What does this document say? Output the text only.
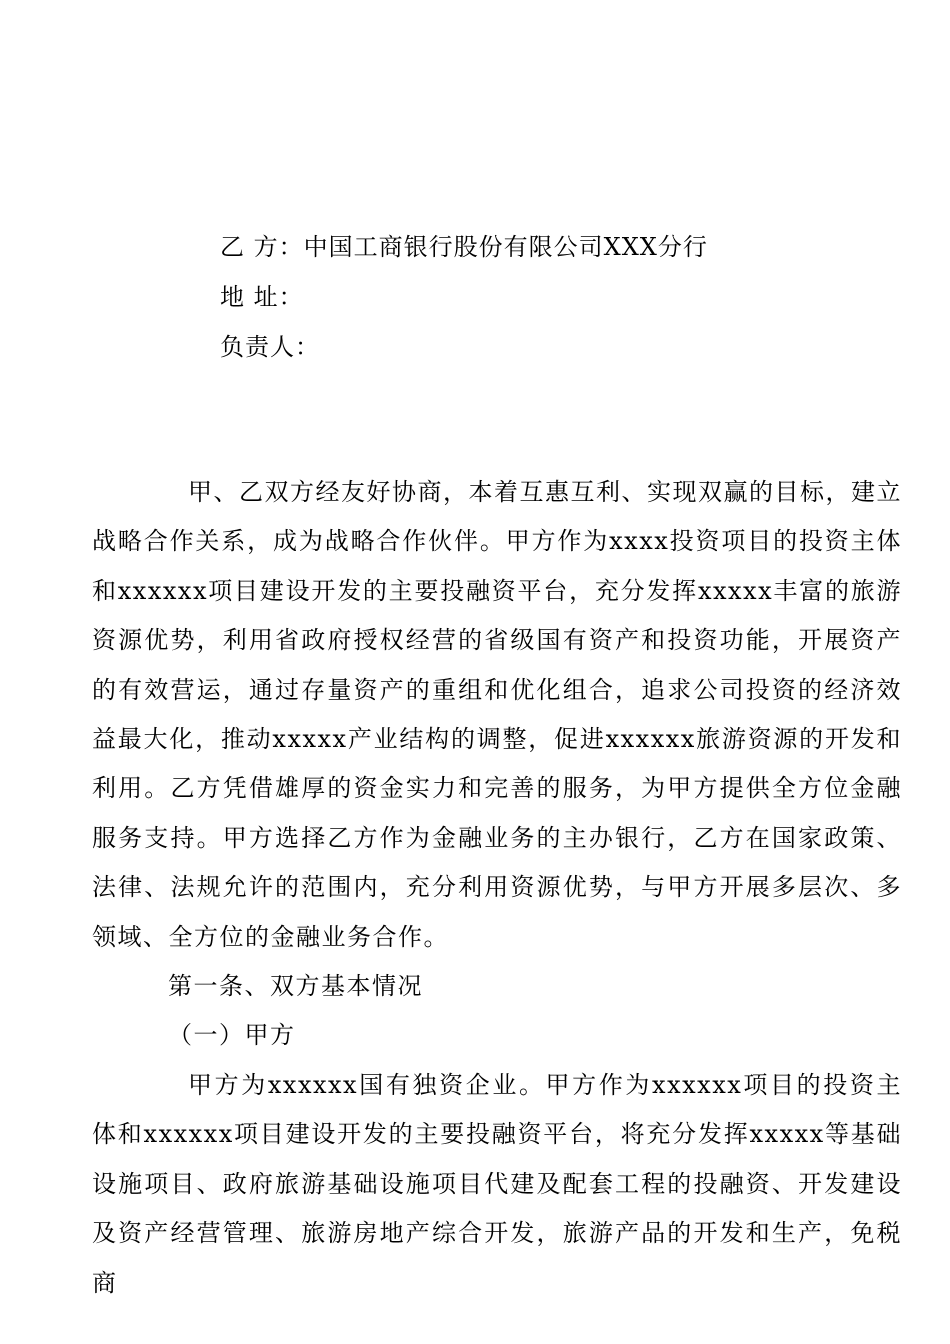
乙 方：中国工商银行股份有限公司XXX分行
地 址：
负责人：

甲、乙双方经友好协商，本着互惠互利、实现双赢的目标，建立战略合作关系，成为战略合作伙伴。甲方作为xxxx投资项目的投资主体和xxxxxx项目建设开发的主要投融资平台，充分发挥xxxxx丰富的旅游资源优势，利用省政府授权经营的省级国有资产和投资功能，开展资产的有效营运，通过存量资产的重组和优化组合，追求公司投资的经济效益最大化，推动xxxxx产业结构的调整，促进xxxxxx旅游资源的开发和利用。乙方凭借雄厚的资金实力和完善的服务，为甲方提供全方位金融服务支持。甲方选择乙方作为金融业务的主办银行，乙方在国家政策、法律、法规允许的范围内，充分利用资源优势，与甲方开展多层次、多领域、全方位的金融业务合作。

第一条、双方基本情况

（一）甲方

甲方为xxxxxx国有独资企业。甲方作为xxxxxx项目的投资主体和xxxxxx项目建设开发的主要投融资平台，将充分发挥xxxxx等基础设施项目、政府旅游基础设施项目代建及配套工程的投融资、开发建设及资产经营管理、旅游房地产综合开发，旅游产品的开发和生产，免税商
